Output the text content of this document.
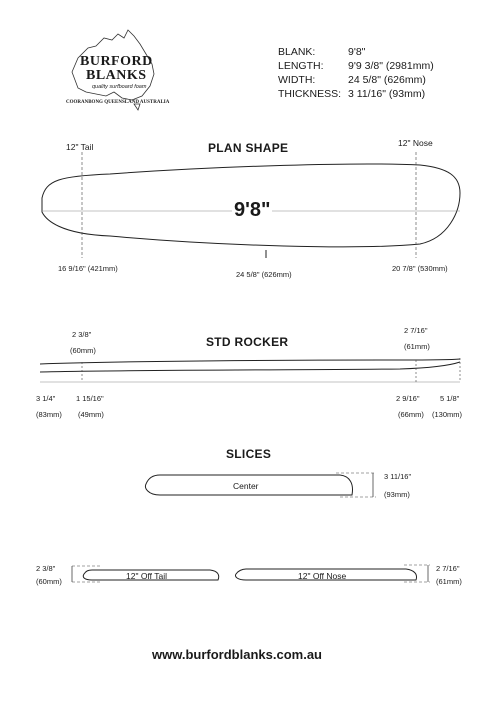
BURFORD
BLANKS
quality surfboard foam
COORANBONG QUEENSLAND AUSTRALIA
BLANK:	9'8"
LENGTH: 9'9 3/8" (2981mm)
WIDTH:	24 5/8" (626mm)
THICKNESS: 3 11/16" (93mm)
PLAN SHAPE
12" Tail	12" Nose
9'8"
16 9/16" (421mm)
24 5/8" (626mm)
20 7/8" (530mm)
STD ROCKER
2 3/8"
(60mm)
2 7/16"
(61mm)
3 1/4"
(83mm)
1 15/16"
(49mm)
2 9/16"
(66mm)
5 1/8"
(130mm)
SLICES
Center
3 11/16"
(93mm)
12" Off Tail
2 3/8"
(60mm)
12" Off Nose
2 7/16"
(61mm)
www.burfordblanks.com.au
